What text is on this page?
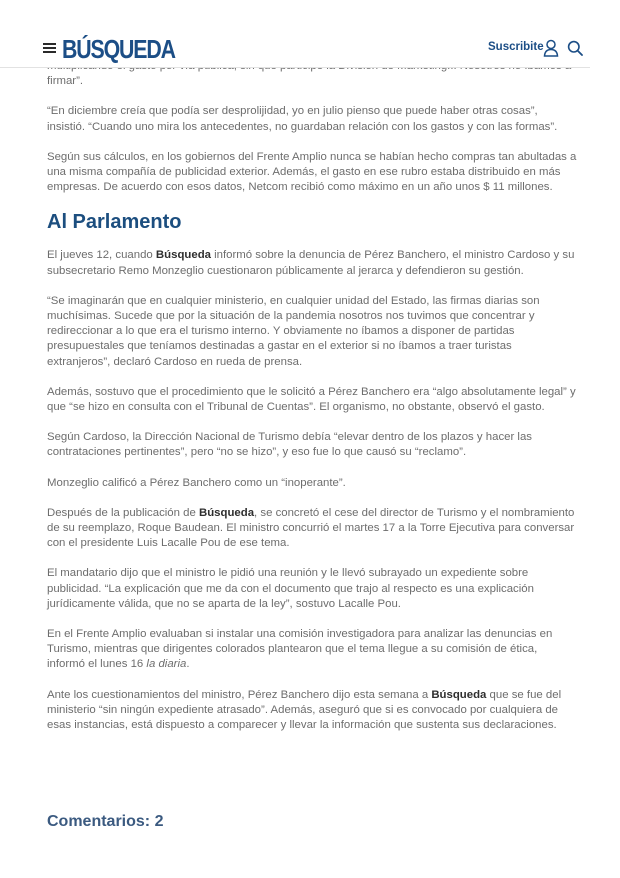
BÚSQUEDA	Suscribite

firmar”.

“En diciembre creía que podía ser desprolijidad, yo en julio pienso que puede haber otras cosas”, insistió. “Cuando uno mira los antecedentes, no guardaban relación con los gastos y con las formas”.

Según sus cálculos, en los gobiernos del Frente Amplio nunca se habían hecho compras tan abultadas a una misma compañía de publicidad exterior. Además, el gasto en ese rubro estaba distribuido en más empresas. De acuerdo con esos datos, Netcom recibió como máximo en un año unos $ 11 millones.

Al Parlamento

El jueves 12, cuando Búsqueda informó sobre la denuncia de Pérez Banchero, el ministro Cardoso y su subsecretario Remo Monzeglio cuestionaron públicamente al jerarca y defendieron su gestión.

“Se imaginarán que en cualquier ministerio, en cualquier unidad del Estado, las firmas diarias son muchísimas. Sucede que por la situación de la pandemia nosotros nos tuvimos que concentrar y redireccionar a lo que era el turismo interno. Y obviamente no íbamos a disponer de partidas presupuestales que teníamos destinadas a gastar en el exterior si no íbamos a traer turistas extranjeros”, declaró Cardoso en rueda de prensa.

Además, sostuvo que el procedimiento que le solicitó a Pérez Banchero era “algo absolutamente legal” y que “se hizo en consulta con el Tribunal de Cuentas”. El organismo, no obstante, observó el gasto.

Según Cardoso, la Dirección Nacional de Turismo debía “elevar dentro de los plazos y hacer las contrataciones pertinentes”, pero “no se hizo”, y eso fue lo que causó su “reclamo”.

Monzeglio calificó a Pérez Banchero como un “inoperante”.

Después de la publicación de Búsqueda, se concretó el cese del director de Turismo y el nombramiento de su reemplazo, Roque Baudean. El ministro concurrió el martes 17 a la Torre Ejecutiva para conversar con el presidente Luis Lacalle Pou de ese tema.

El mandatario dijo que el ministro le pidió una reunión y le llevó subrayado un expediente sobre publicidad. “La explicación que me da con el documento que trajo al respecto es una explicación jurídicamente válida, que no se aparta de la ley”, sostuvo Lacalle Pou.

En el Frente Amplio evaluaban si instalar una comisión investigadora para analizar las denuncias en Turismo, mientras que dirigentes colorados plantearon que el tema llegue a su comisión de ética, informó el lunes 16 la diaria.

Ante los cuestionamientos del ministro, Pérez Banchero dijo esta semana a Búsqueda que se fue del ministerio “sin ningún expediente atrasado”. Además, aseguró que si es convocado por cualquiera de esas instancias, está dispuesto a comparecer y llevar la información que sustenta sus declaraciones.

Comentarios: 2
